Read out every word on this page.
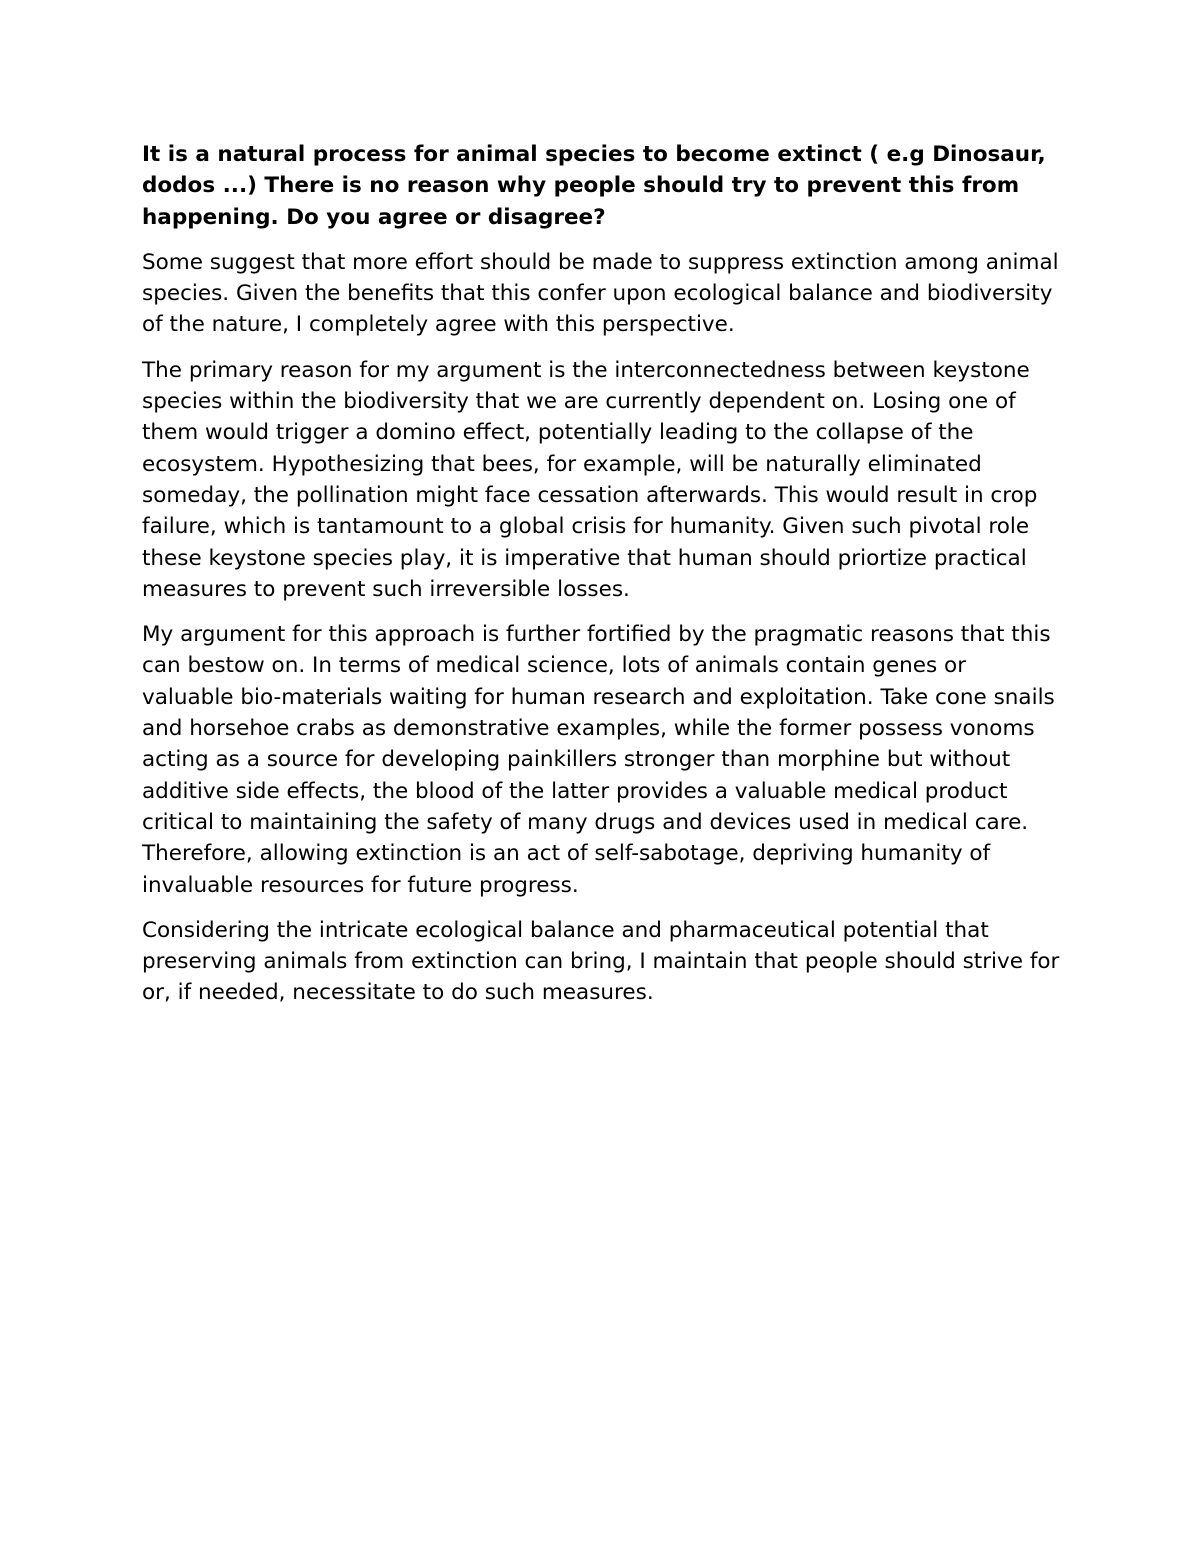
It is a natural process for animal species to become extinct ( e.g Dinosaur, dodos ...) There is no reason why people should try to prevent this from happening. Do you agree or disagree?

Some suggest that more effort should be made to suppress extinction among animal species. Given the benefits that this confer upon ecological balance and biodiversity of the nature, I completely agree with this perspective.

The primary reason for my argument is the interconnectedness between keystone species within the biodiversity that we are currently dependent on. Losing one of them would trigger a domino effect, potentially leading to the collapse of the ecosystem. Hypothesizing that bees, for example, will be naturally eliminated someday, the pollination might face cessation afterwards. This would result in crop failure, which is tantamount to a global crisis for humanity. Given such pivotal role these keystone species play, it is imperative that human should priortize practical measures to prevent such irreversible losses.

My argument for this approach is further fortified by the pragmatic reasons that this can bestow on. In terms of medical science, lots of animals contain genes or valuable bio-materials waiting for human research and exploitation. Take cone snails and horsehoe crabs as demonstrative examples, while the former possess vonoms acting as a source for developing painkillers stronger than morphine but without additive side effects, the blood of the latter provides a valuable medical product critical to maintaining the safety of many drugs and devices used in medical care. Therefore, allowing extinction is an act of self-sabotage, depriving humanity of invaluable resources for future progress.

Considering the intricate ecological balance and pharmaceutical potential that preserving animals from extinction can bring, I maintain that people should strive for or, if needed, necessitate to do such measures.
